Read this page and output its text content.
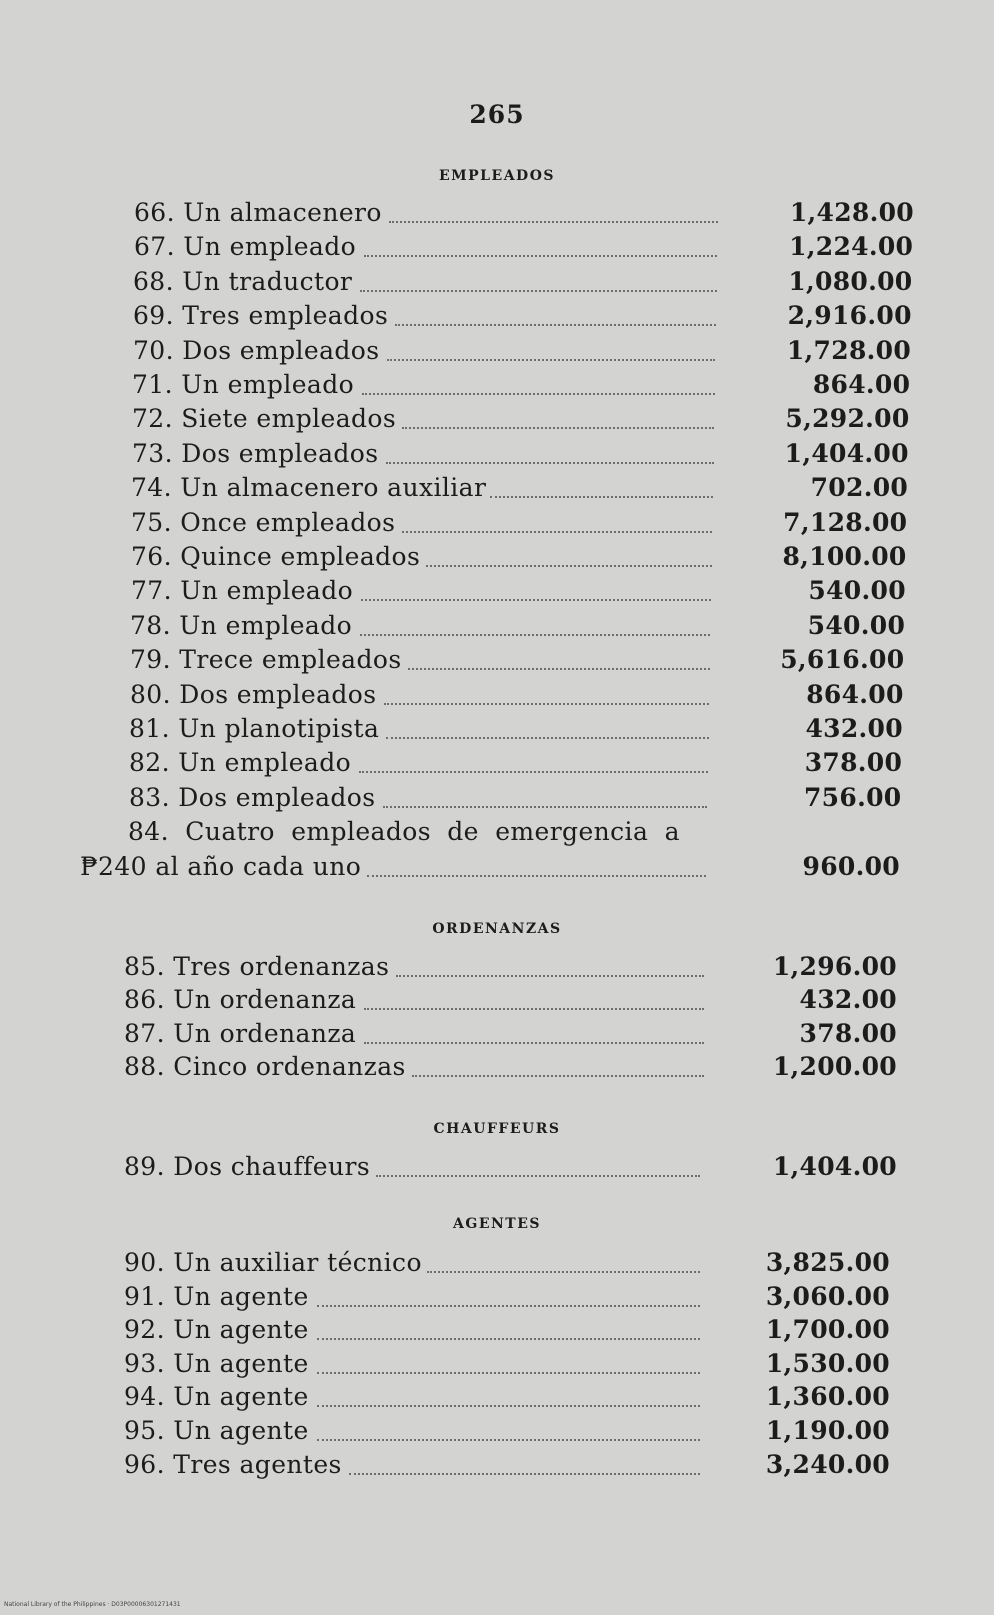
265
EMPLEADOS
66. Un almacenero	1,428.00
67. Un empleado	1,224.00
68. Un traductor	1,080.00
69. Tres empleados	2,916.00
70. Dos empleados	1,728.00
71. Un empleado	864.00
72. Siete empleados	5,292.00
73. Dos empleados	1,404.00
74. Un almacenero auxiliar	702.00
75. Once empleados	7,128.00
76. Quince empleados	8,100.00
77. Un empleado	540.00
78. Un empleado	540.00
79. Trece empleados	5,616.00
80. Dos empleados	864.00
81. Un planotipista	432.00
82. Un empleado	378.00
83. Dos empleados	756.00
84. Cuatro empleados de emergencia a
₱240 al año cada uno	960.00
ORDENANZAS
85. Tres ordenanzas	1,296.00
86. Un ordenanza	432.00
87. Un ordenanza	378.00
88. Cinco ordenanzas	1,200.00
CHAUFFEURS
89. Dos chauffeurs	1,404.00
AGENTES
90. Un auxiliar técnico	3,825.00
91. Un agente	3,060.00
92. Un agente	1,700.00
93. Un agente	1,530.00
94. Un agente	1,360.00
95. Un agente	1,190.00
96. Tres agentes	3,240.00
National Library of the Philippines · D03P00006301271431
